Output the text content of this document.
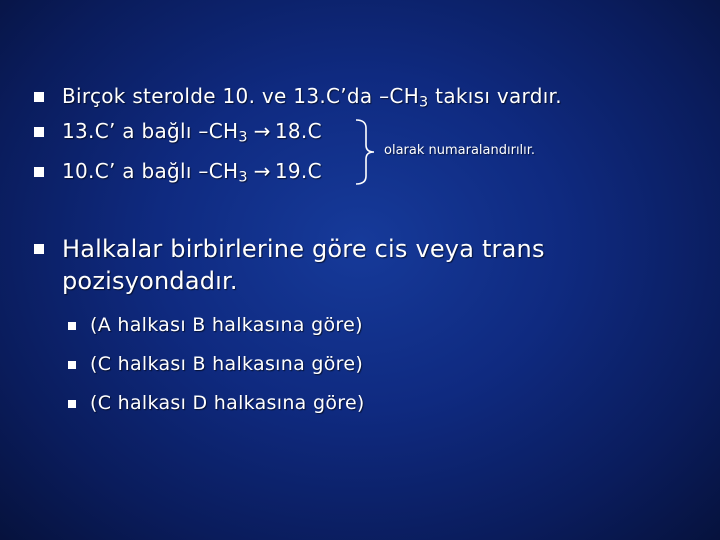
Birçok sterolde 10. ve 13.C’da $-CH_3$ takısı vardır.
13.C’ a bağlı $-CH_3 \to 18.C$
10.C’ a bağlı $-CH_3 \to 19.C$
olarak numaralandırılır.
Halkalar birbirlerine göre cis veya trans
pozisyondadır.
(A halkası B halkasına göre)
(C halkası B halkasına göre)
(C halkası D halkasına göre)
